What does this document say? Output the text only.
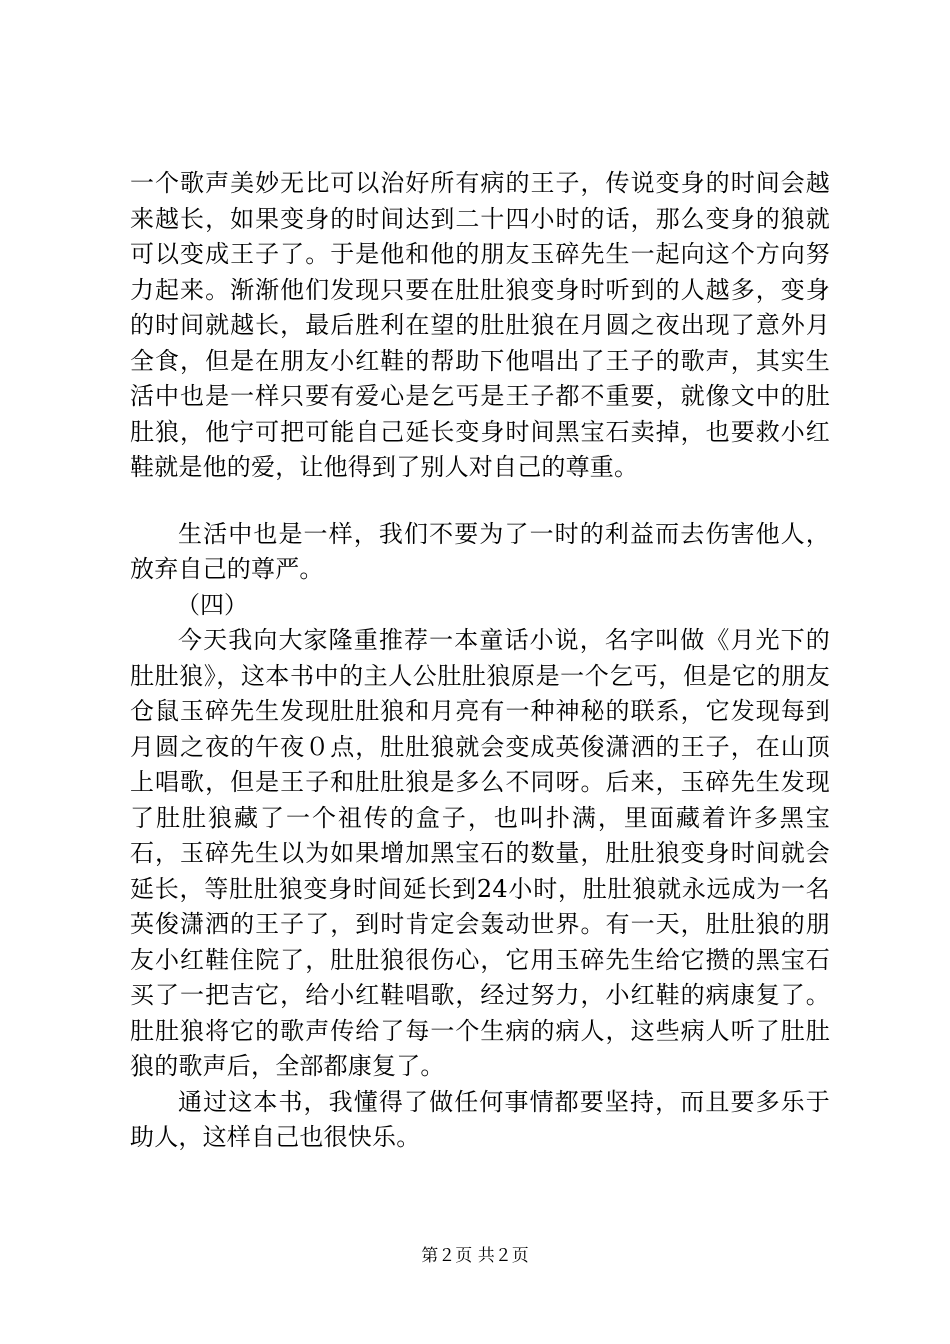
一个歌声美妙无比可以治好所有病的王子，传说变身的时间会越来越长，如果变身的时间达到二十四小时的话，那么变身的狼就可以变成王子了。于是他和他的朋友玉碎先生一起向这个方向努力起来。渐渐他们发现只要在肚肚狼变身时听到的人越多，变身的时间就越长，最后胜利在望的肚肚狼在月圆之夜出现了意外月全食，但是在朋友小红鞋的帮助下他唱出了王子的歌声，其实生活中也是一样只要有爱心是乞丐是王子都不重要，就像文中的肚肚狼，他宁可把可能自己延长变身时间黑宝石卖掉，也要救小红鞋就是他的爱，让他得到了别人对自己的尊重。

生活中也是一样，我们不要为了一时的利益而去伤害他人，放弃自己的尊严。

（四）

今天我向大家隆重推荐一本童话小说，名字叫做《月光下的肚肚狼》，这本书中的主人公肚肚狼原是一个乞丐，但是它的朋友仓鼠玉碎先生发现肚肚狼和月亮有一种神秘的联系，它发现每到月圆之夜的午夜０点，肚肚狼就会变成英俊潇洒的王子，在山顶上唱歌，但是王子和肚肚狼是多么不同呀。后来，玉碎先生发现了肚肚狼藏了一个祖传的盒子，也叫扑满，里面藏着许多黑宝石，玉碎先生以为如果增加黑宝石的数量，肚肚狼变身时间就会延长，等肚肚狼变身时间延长到24小时，肚肚狼就永远成为一名英俊潇洒的王子了，到时肯定会轰动世界。有一天，肚肚狼的朋友小红鞋住院了，肚肚狼很伤心，它用玉碎先生给它攒的黑宝石买了一把吉它，给小红鞋唱歌，经过努力，小红鞋的病康复了。肚肚狼将它的歌声传给了每一个生病的病人，这些病人听了肚肚狼的歌声后，全部都康复了。

通过这本书，我懂得了做任何事情都要坚持，而且要多乐于助人，这样自己也很快乐。

第２页 共２页
